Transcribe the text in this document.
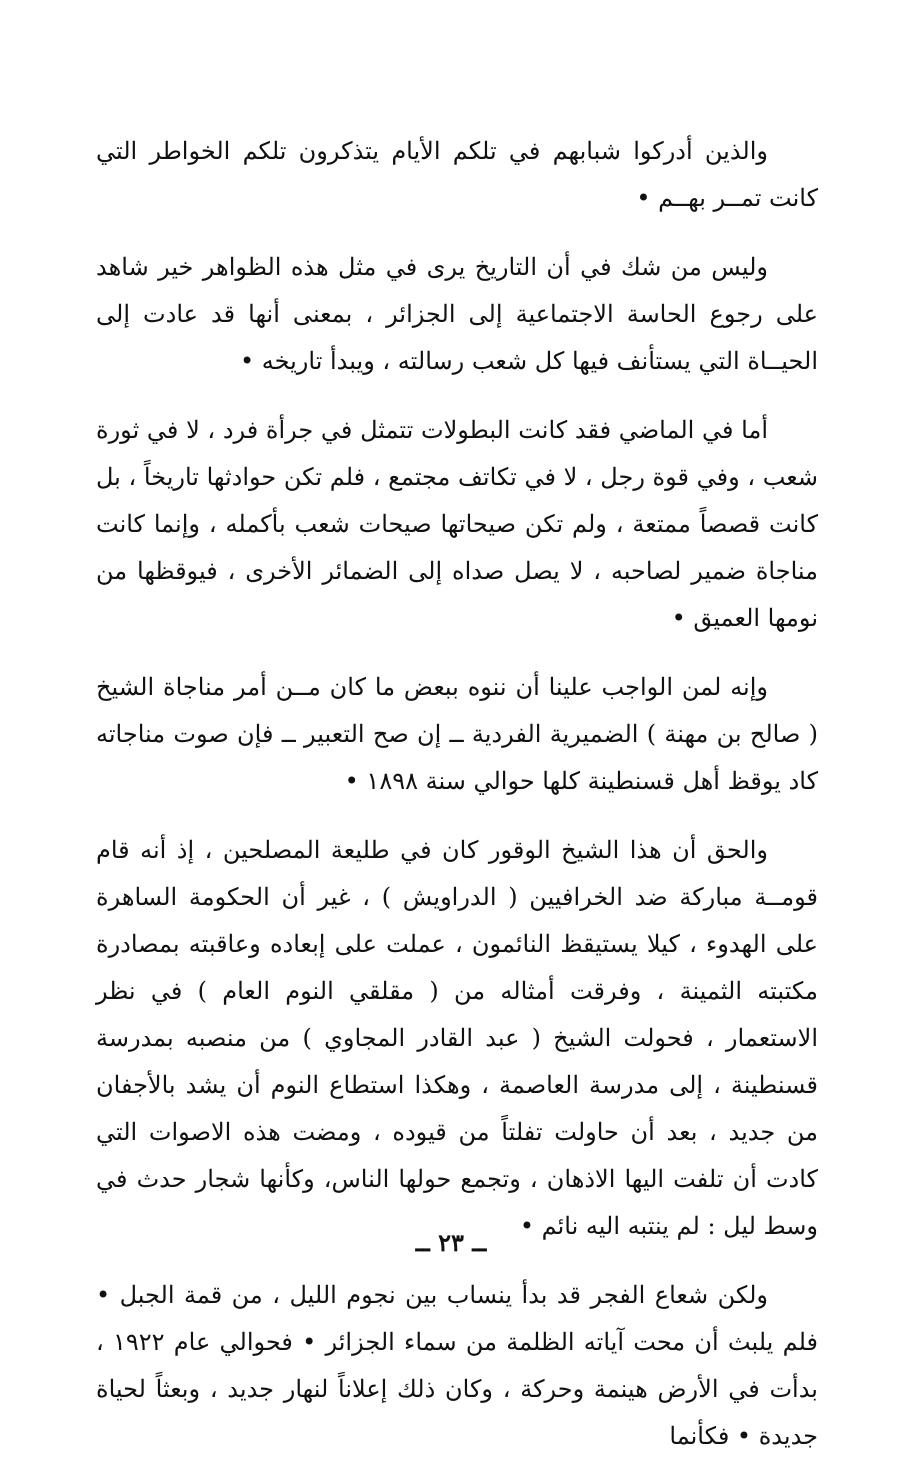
والذين أدركوا شبابهم في تلكم الأيام يتذكرون تلكم الخواطر التي كانت تمــر بهــم •

وليس من شك في أن التاريخ يرى في مثل هذه الظواهر خير شاهد على رجوع الحاسة الاجتماعية إلى الجزائر ، بمعنى أنها قد عادت إلى الحيــاة التي يستأنف فيها كل شعب رسالته ، ويبدأ تاريخه •

أما في الماضي فقد كانت البطولات تتمثل في جرأة فرد ، لا في ثورة شعب ، وفي قوة رجل ، لا في تكاتف مجتمع ، فلم تكن حوادثها تاريخاً ، بل كانت قصصاً ممتعة ، ولم تكن صيحاتها صيحات شعب بأكمله ، وإنما كانت مناجاة ضمير لصاحبه ، لا يصل صداه إلى الضمائر الأخرى ، فيوقظها من نومها العميق •

وإنه لمن الواجب علينا أن ننوه ببعض ما كان مــن أمر مناجاة الشيخ ( صالح بن مهنة ) الضميرية الفردية ــ إن صح التعبير ــ فإن صوت مناجاته كاد يوقظ أهل قسنطينة كلها حوالي سنة ١٨٩٨ •

والحق أن هذا الشيخ الوقور كان في طليعة المصلحين ، إذ أنه قام قومــة مباركة ضد الخرافيين ( الدراويش ) ، غير أن الحكومة الساهرة على الهدوء ، كيلا يستيقظ النائمون ، عملت على إبعاده وعاقبته بمصادرة مكتبته الثمينة ، وفرقت أمثاله من ( مقلقي النوم العام ) في نظر الاستعمار ، فحولت الشيخ ( عبد القادر المجاوي ) من منصبه بمدرسة قسنطينة ، إلى مدرسة العاصمة ، وهكذا استطاع النوم أن يشد بالأجفان من جديد ، بعد أن حاولت تفلتاً من قيوده ، ومضت هذه الاصوات التي كادت أن تلفت اليها الاذهان ، وتجمع حولها الناس، وكأنها شجار حدث في وسط ليل : لم ينتبه اليه نائم •

ولكن شعاع الفجر قد بدأ ينساب بين نجوم الليل ، من قمة الجبل • فلم يلبث أن محت آياته الظلمة من سماء الجزائر • فحوالي عام ١٩٢٢ ، بدأت في الأرض هينمة وحركة ، وكان ذلك إعلاناً لنهار جديد ، وبعثاً لحياة جديدة • فكأنما

ــ ٢٣ ــ
